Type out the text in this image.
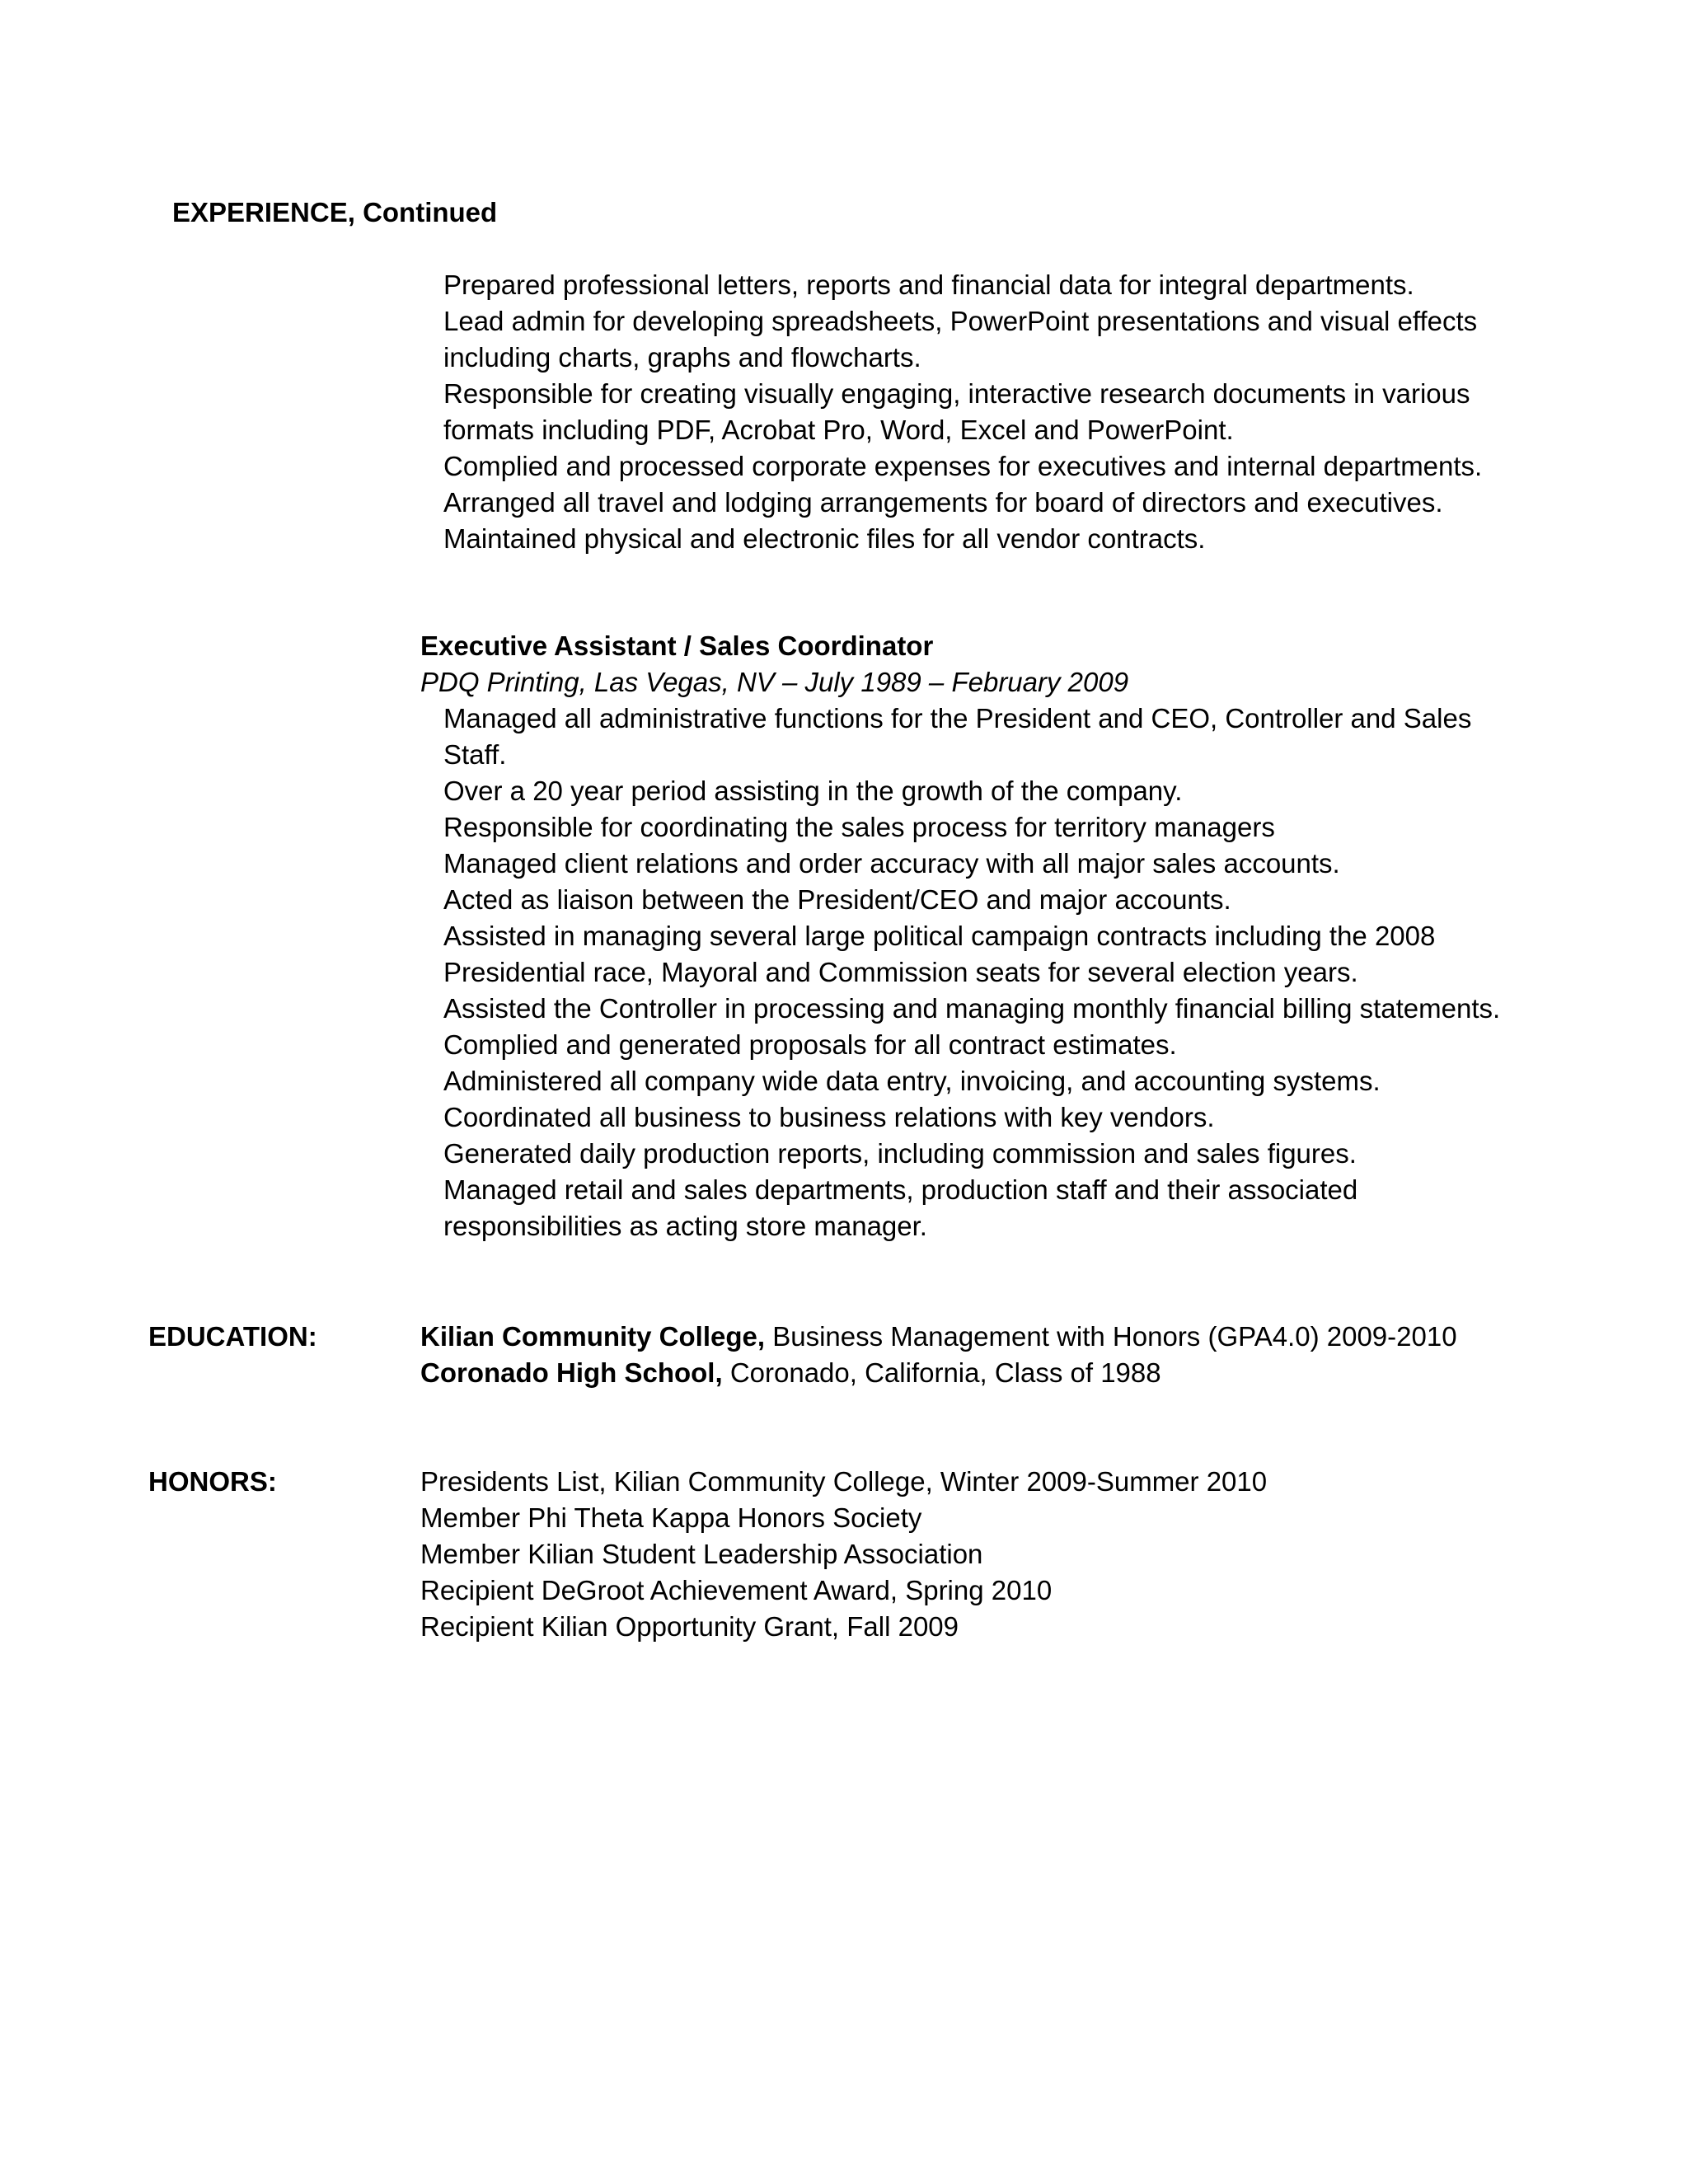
EXPERIENCE, Continued
Prepared professional letters, reports and financial data for integral departments.
Lead admin for developing spreadsheets, PowerPoint presentations and visual effects
including charts, graphs and flowcharts.
Responsible for creating visually engaging, interactive research documents in various
formats including PDF, Acrobat Pro, Word, Excel and PowerPoint.
Complied and processed corporate expenses for executives and internal departments.
Arranged all travel and lodging arrangements for board of directors and executives.
Maintained physical and electronic files for all vendor contracts.
Executive Assistant / Sales Coordinator
PDQ Printing, Las Vegas, NV – July 1989 – February 2009
Managed all administrative functions for the President and CEO, Controller and Sales
Staff.
Over a 20 year period assisting in the growth of the company.
Responsible for coordinating the sales process for territory managers
Managed client relations and order accuracy with all major sales accounts.
Acted as liaison between the President/CEO and major accounts.
Assisted in managing several large political campaign contracts including the 2008
Presidential race, Mayoral and Commission seats for several election years.
Assisted the Controller in processing and managing monthly financial billing statements.
Complied and generated proposals for all contract estimates.
Administered all company wide data entry, invoicing, and accounting systems.
Coordinated all business to business relations with key vendors.
Generated daily production reports, including commission and sales figures.
Managed retail and sales departments, production staff and their associated
responsibilities as acting store manager.
EDUCATION:	Kilian Community College, Business Management with Honors (GPA4.0) 2009-2010
Coronado High School, Coronado, California, Class of 1988
HONORS:	Presidents List, Kilian Community College, Winter 2009-Summer 2010
Member Phi Theta Kappa Honors Society
Member Kilian Student Leadership Association
Recipient DeGroot Achievement Award, Spring 2010
Recipient Kilian Opportunity Grant, Fall 2009
